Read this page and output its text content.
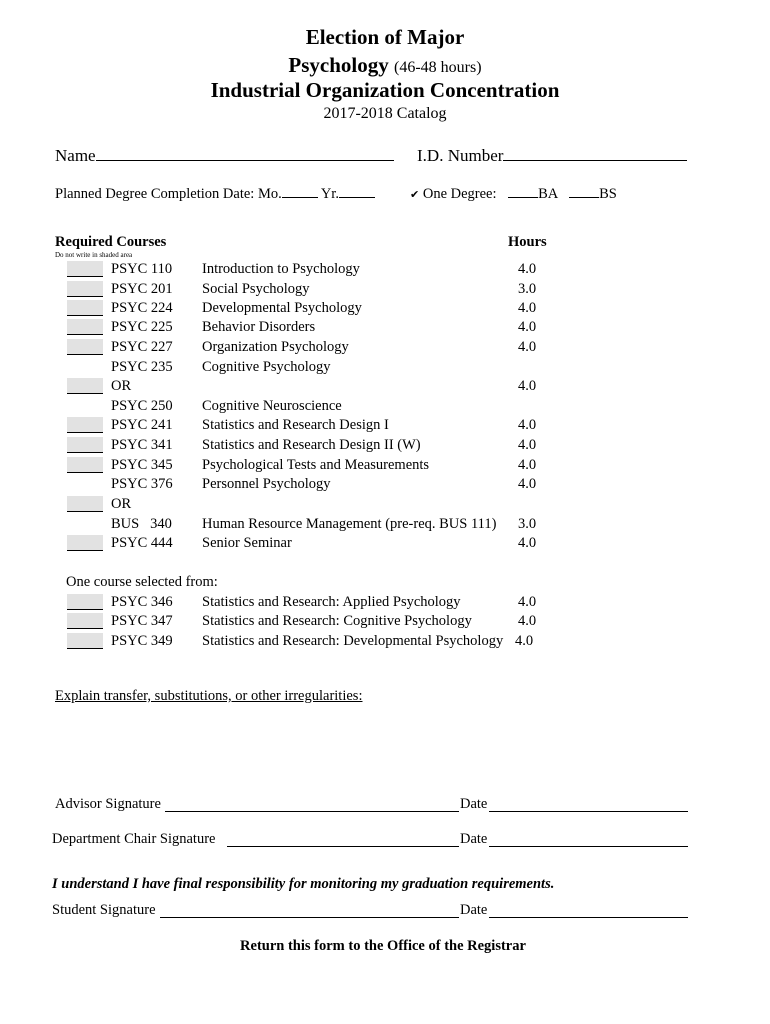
Election of Major
Psychology (46-48 hours)
Industrial Organization Concentration
2017-2018 Catalog
Name	I.D. Number
Planned Degree Completion Date: Mo.	Yr.	✔ One Degree:	BA	BS
Required Courses	Hours
Do not write in shaded area
PSYC 110 Introduction to Psychology	4.0
PSYC 201 Social Psychology	3.0
PSYC 224 Developmental Psychology	4.0
PSYC 225 Behavior Disorders	4.0
PSYC 227 Organization Psychology	4.0
PSYC 235 Cognitive Psychology
OR	4.0
PSYC 250 Cognitive Neuroscience
PSYC 241 Statistics and Research Design I	4.0
PSYC 341 Statistics and Research Design II (W)	4.0
PSYC 345 Psychological Tests and Measurements	4.0
PSYC 376 Personnel Psychology	4.0
OR
BUS   340 Human Resource Management (pre-req. BUS 111) 3.0
PSYC 444 Senior Seminar	4.0
One course selected from:
PSYC 346 Statistics and Research: Applied Psychology	4.0
PSYC 347 Statistics and Research: Cognitive Psychology	4.0
PSYC 349 Statistics and Research: Developmental Psychology 4.0
Explain transfer, substitutions, or other irregularities:
Advisor Signature	Date
Department Chair Signature	Date
I understand I have final responsibility for monitoring my graduation requirements.
Student Signature	Date
Return this form to the Office of the Registrar
